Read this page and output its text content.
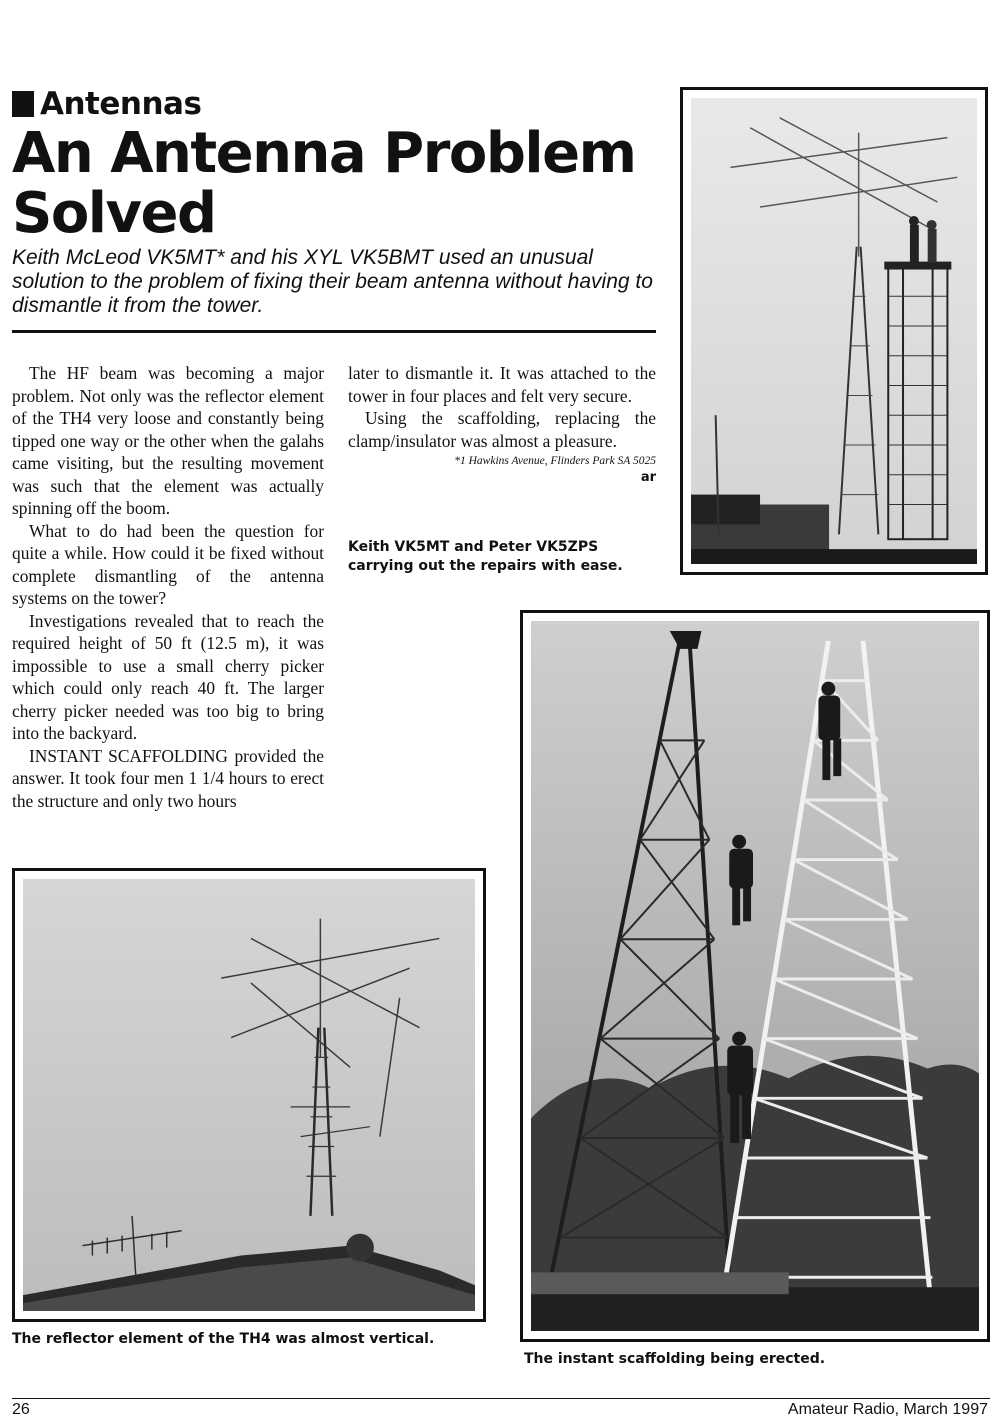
Antennas
An Antenna Problem Solved
Keith McLeod VK5MT* and his XYL VK5BMT used an unusual solution to the problem of fixing their beam antenna without having to dismantle it from the tower.

The HF beam was becoming a major problem. Not only was the reflector element of the TH4 very loose and constantly being tipped one way or the other when the galahs came visiting, but the resulting movement was such that the element was actually spinning off the boom.

What to do had been the question for quite a while. How could it be fixed without complete dismantling of the antenna systems on the tower?

Investigations revealed that to reach the required height of 50 ft (12.5 m), it was impossible to use a small cherry picker which could only reach 40 ft. The larger cherry picker needed was too big to bring into the backyard.

INSTANT SCAFFOLDING provided the answer. It took four men 1 1/4 hours to erect the structure and only two hours

later to dismantle it. It was attached to the tower in four places and felt very secure.

Using the scaffolding, replacing the clamp/insulator was almost a pleasure.

*1 Hawkins Avenue, Flinders Park SA 5025
ar
Keith VK5MT and Peter VK5ZPS carrying out the repairs with ease.
The reflector element of the TH4 was almost vertical.
The instant scaffolding being erected.
26	Amateur Radio, March 1997
